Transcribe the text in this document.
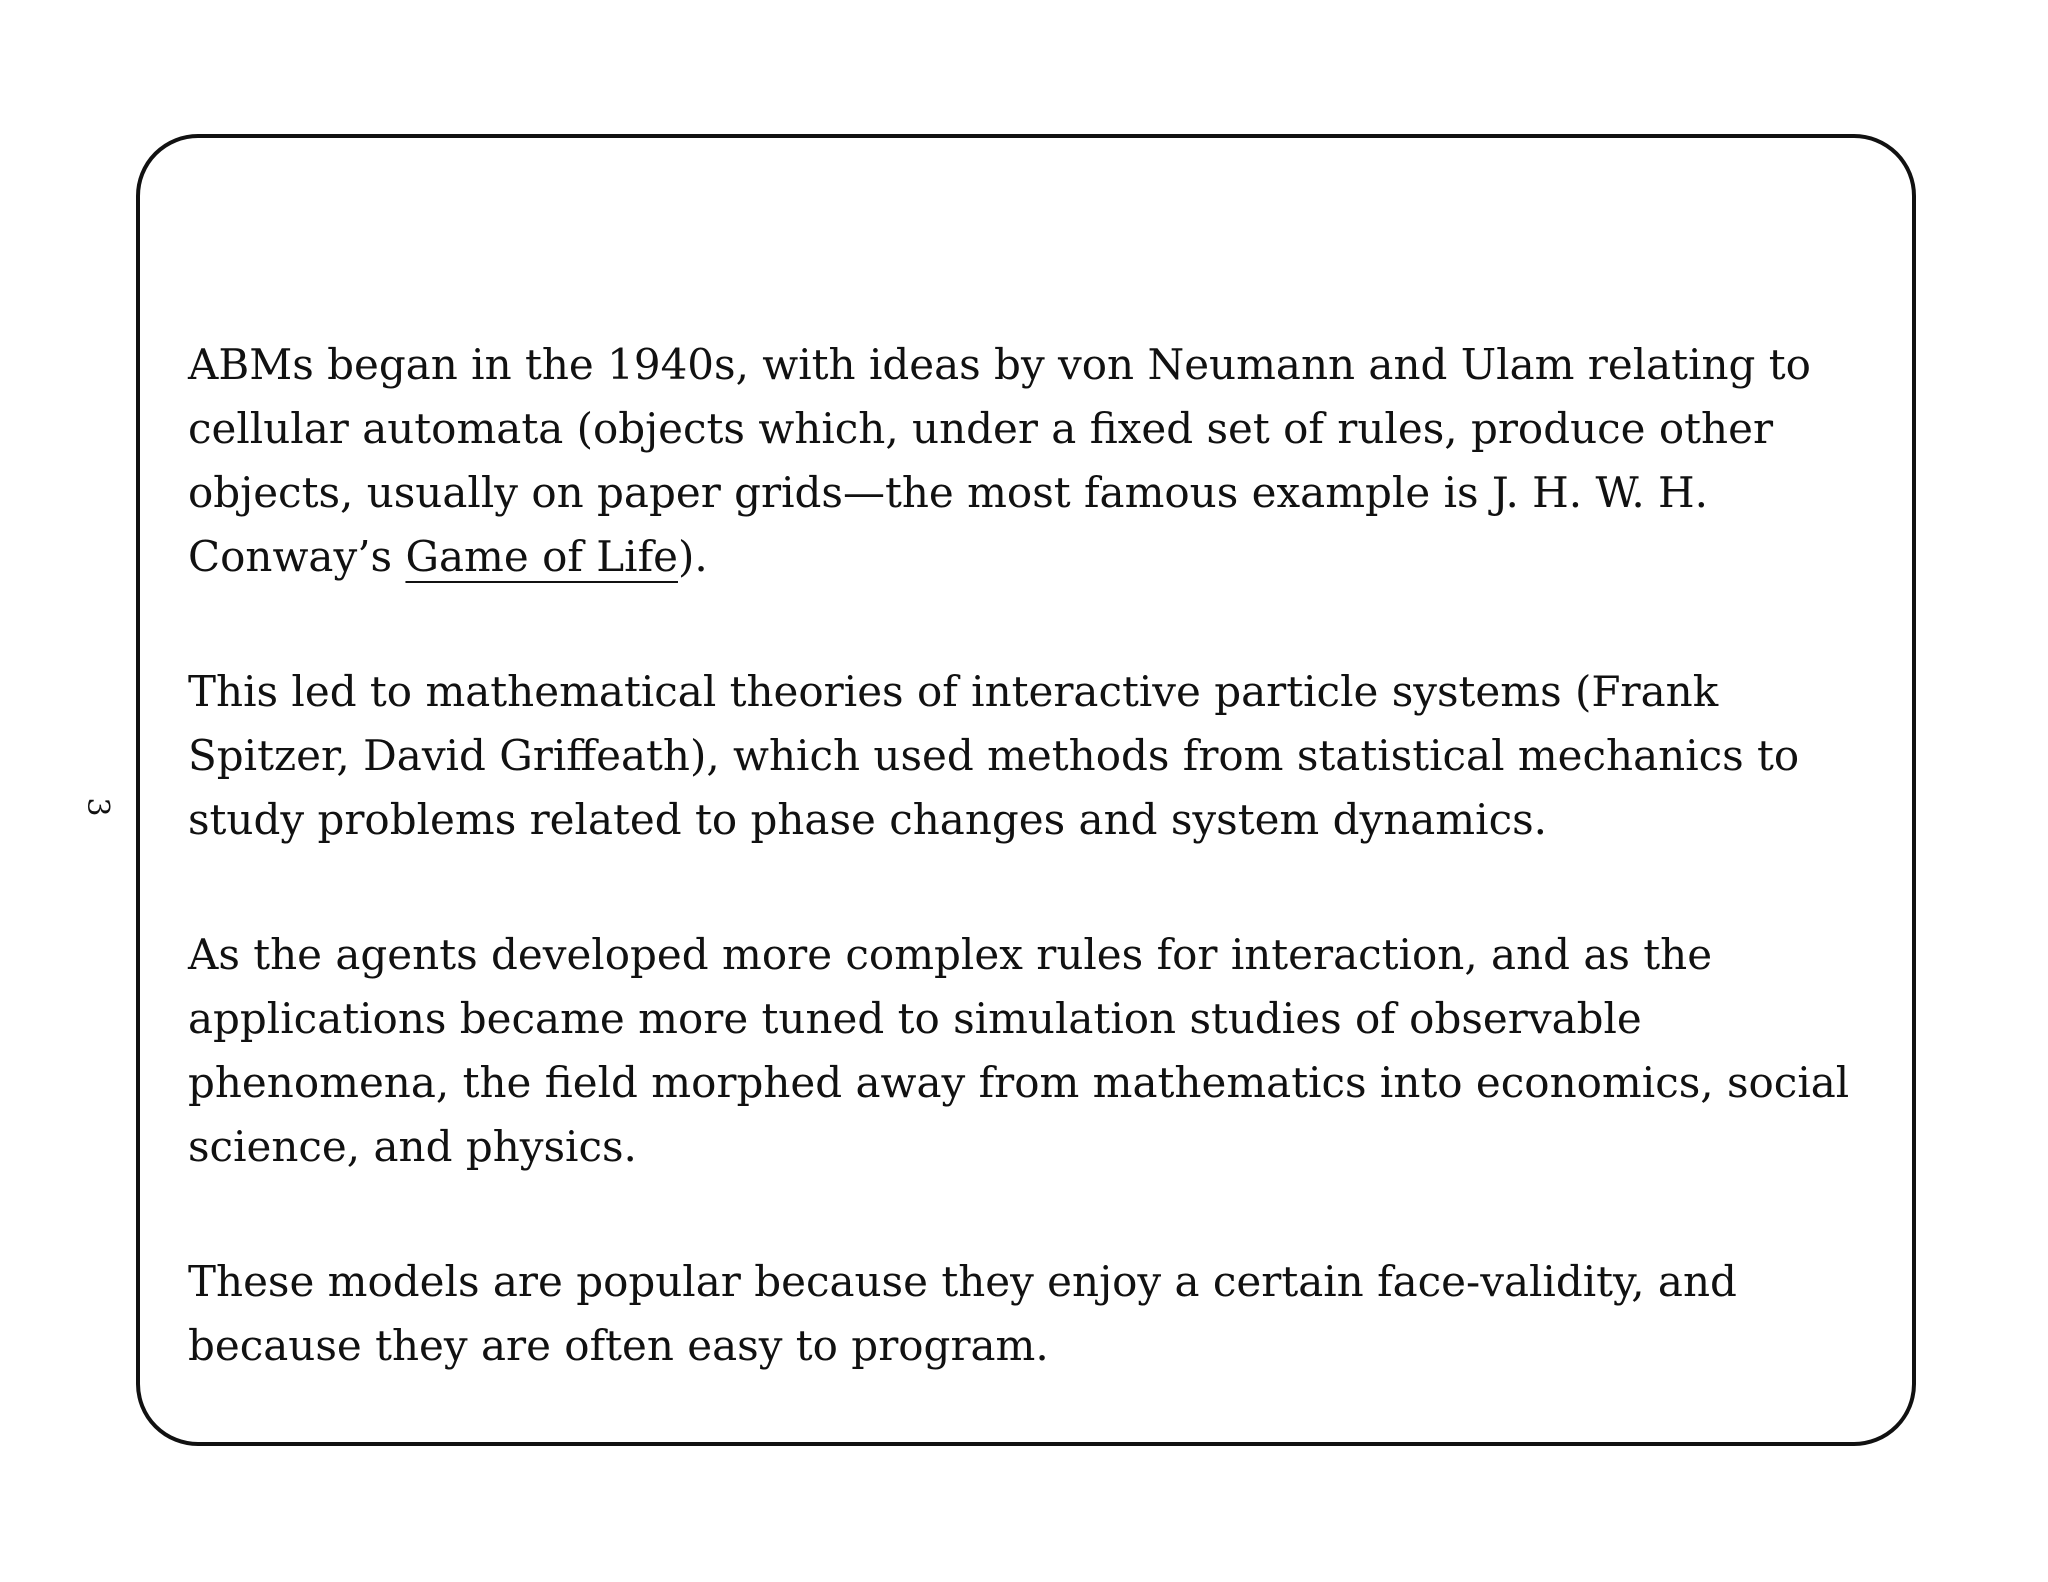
3

ABMs began in the 1940s, with ideas by von Neumann and Ulam relating to cellular automata (objects which, under a fixed set of rules, produce other objects, usually on paper grids—the most famous example is J. H. W. H. Conway’s Game of Life).

This led to mathematical theories of interactive particle systems (Frank Spitzer, David Griffeath), which used methods from statistical mechanics to study problems related to phase changes and system dynamics.

As the agents developed more complex rules for interaction, and as the applications became more tuned to simulation studies of observable phenomena, the field morphed away from mathematics into economics, social science, and physics.

These models are popular because they enjoy a certain face-validity, and because they are often easy to program.
